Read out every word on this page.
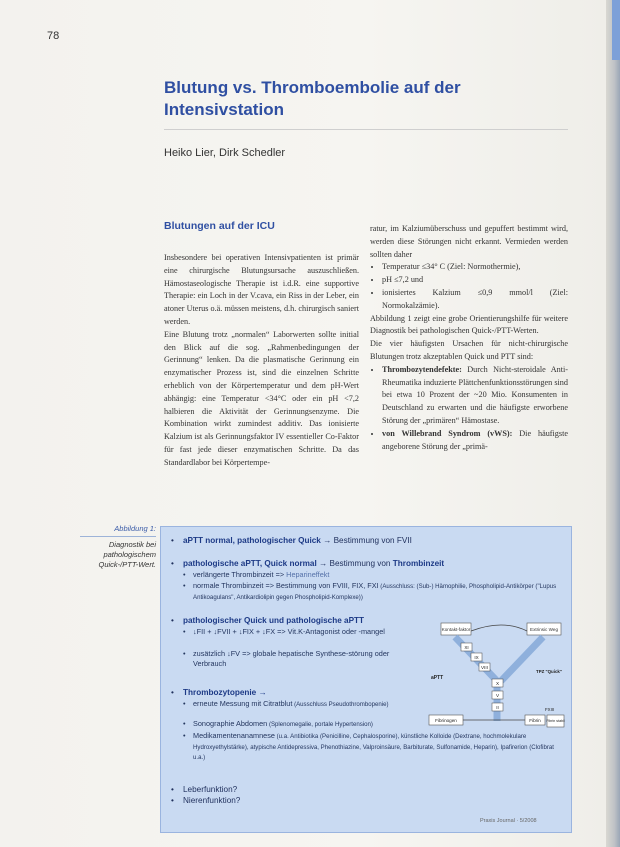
78
Blutung vs. Thromboembolie auf der Intensivstation
Heiko Lier, Dirk Schedler
Blutungen auf der ICU

Insbesondere bei operativen Intensivpatienten ist primär eine chirurgische Blutungsursache auszuschließen. Hämostaseologische Therapie ist i.d.R. eine supportive Therapie: ein Loch in der V.cava, ein Riss in der Leber, ein atoner Uterus o.ä. müssen meistens, d.h. chirurgisch saniert werden.

Eine Blutung trotz „normalen“ Laborwerten sollte initial den Blick auf die sog. „Rahmenbedingungen der Gerinnung“ lenken. Da die plasmatische Gerinnung ein enzymatischer Prozess ist, sind die einzelnen Schritte erheblich von der Körpertemperatur und dem pH-Wert abhängig: eine Temperatur <34°C oder ein pH <7,2 halbieren die Aktivität der Gerinnungsenzyme. Die Kombination wirkt zumindest additiv. Das ionisierte Kalzium ist als Gerinnungsfaktor IV essentieller Co-Faktor für fast jede dieser enzymatischen Schritte. Da das Standardlabor bei Körpertempe-

ratur, im Kalziumüberschuss und gepuffert bestimmt wird, werden diese Störungen nicht erkannt. Vermieden werden sollten daher

• Temperatur ≤34° C (Ziel: Normothermie),
• pH ≤7,2 und
• ionisiertes Kalzium ≤0,9 mmol/l (Ziel: Normokalzämie).

Abbildung 1 zeigt eine grobe Orientierungshilfe für weitere Diagnostik bei pathologischen Quick-/PTT-Werten.

Die vier häufigsten Ursachen für nicht-chirurgische Blutungen trotz akzeptablen Quick und PTT sind:

• Thrombozytendefekte: Durch Nicht-steroidale Anti-Rheumatika induzierte Plättchenfunktionsstörungen sind bei etwa 10 Prozent der ~20 Mio. Konsumenten in Deutschland zu erwarten und die häufigste erworbene Störung der „primären“ Hämostase.
• von Willebrand Syndrom (vWS): Die häufigste angeborene Störung der „primä-
Abbildung 1:
Diagnostik bei pathologischem Quick-/PTT-Wert.
• aPTT normal, pathologischer Quick → Bestimmung von FVII
• pathologische aPTT, Quick normal → Bestimmung von Thrombinzeit
• verlängerte Thrombinzeit => Heparineffekt
• normale Thrombinzeit => Bestimmung von FVIII, FIX, FXI (Ausschluss: (Sub-) Hämophilie, Phospholipid-Antikörper ("Lupus Antikoagulans", Antikardiolipin gegen Phospholipid-Komplexe))
• pathologischer Quick und pathologische aPTT
• ↓FII + ↓FVII + ↓FIX + ↓FX => Vit.K-Antagonist oder -mangel
• zusätzlich ↓FV => globale hepatische Synthese-störung oder Verbrauch
• Thrombozytopenie →
• erneute Messung mit Citratblut (Ausschluss Pseudothrombopenie)
• Sonographie Abdomen (Splenomegalie, portale Hypertension)
• Medikamentenanamnese (u.a. Antibiotika (Penicilline, Cephalosporine), künstliche Kolloide (Dextrane, hochmolekulare Hydroxyethylstärke), atypische Antidepressiva, Phenothiazine, Valproinsäure, Barbiturate, Sulfonamide, Heparin), Ipafirerion (Clofibrat u.a.)
• Leberfunktion?
• Nierenfunktion?
Kontakt-faktor	Extrinsic Weg
XI
IX
VIII
X
V
II
aPTT
TPZ "Quick"
Fibrinogen	Fibrin
FXIII
Fibrin stabil
Praxis Journal · 5/2008
